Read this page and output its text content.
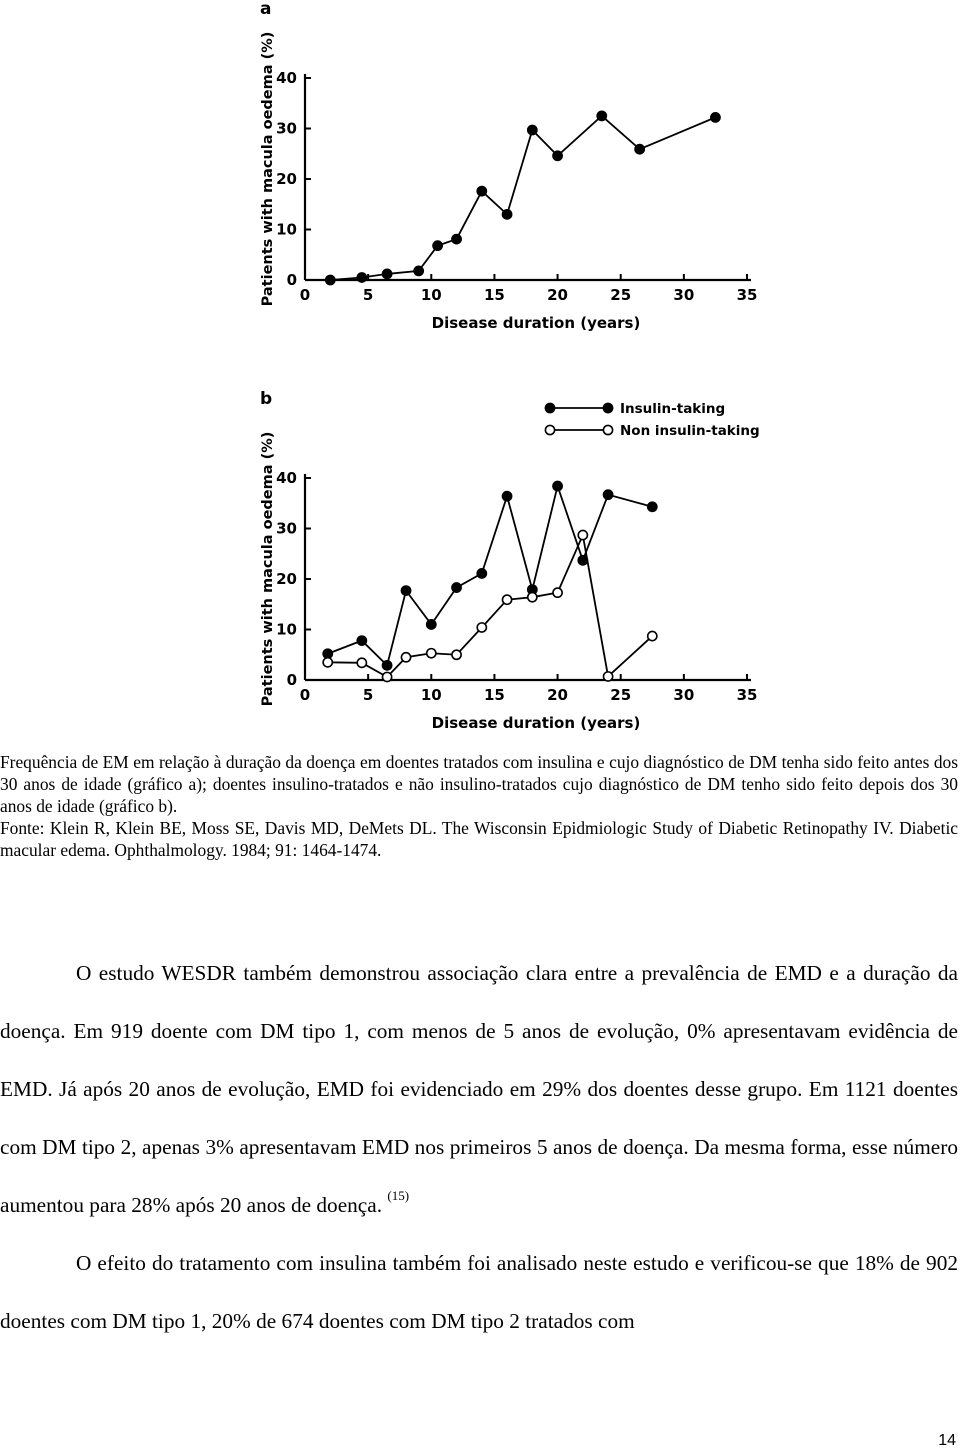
a
0	5	10	15	20	25	30	35
0
10
20
30
40
Disease duration (years)
Patients with macula oedema (%)
b
0	5	10	15	20	25	30	35
0
10
20
30
40
Disease duration (years)
Patients with macula oedema (%)
Insulin-taking
Non insulin-taking

Frequência de EM em relação à duração da doença em doentes tratados com insulina e cujo diagnóstico de DM tenha sido feito antes dos 30 anos de idade (gráfico a); doentes insulino-tratados e não insulino-tratados cujo diagnóstico de DM tenho sido feito depois dos 30 anos de idade (gráfico b).

Fonte: Klein R, Klein BE, Moss SE, Davis MD, DeMets DL. The Wisconsin Epidmiologic Study of Diabetic Retinopathy IV. Diabetic macular edema. Ophthalmology. 1984; 91: 1464-1474.

O estudo WESDR também demonstrou associação clara entre a prevalência de EMD e a duração da doença. Em 919 doente com DM tipo 1, com menos de 5 anos de evolução, 0% apresentavam evidência de EMD. Já após 20 anos de evolução, EMD foi evidenciado em 29% dos doentes desse grupo. Em 1121 doentes com DM tipo 2, apenas 3% apresentavam EMD nos primeiros 5 anos de doença. Da mesma forma, esse número aumentou para 28% após 20 anos de doença. $^{(15)}$

O efeito do tratamento com insulina também foi analisado neste estudo e verificou-se que 18% de 902 doentes com DM tipo 1, 20% de 674 doentes com DM tipo 2 tratados com

14
